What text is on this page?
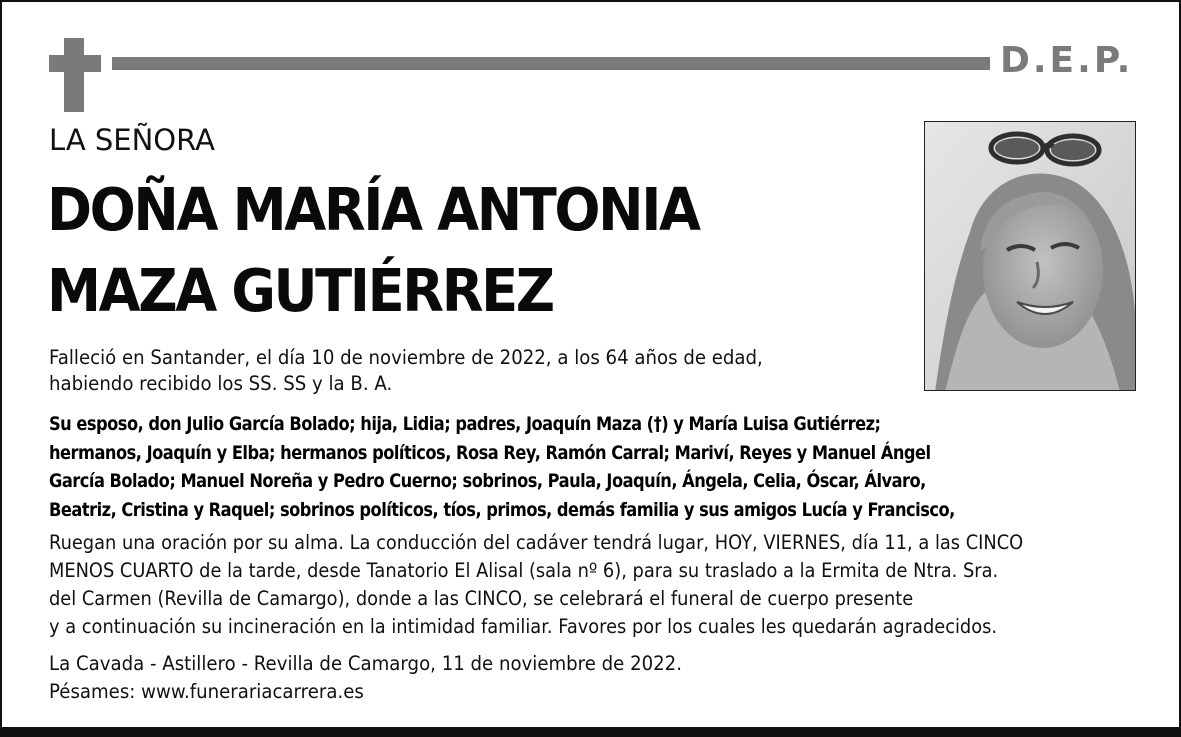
D.E.P.
LA SEÑORA
DOÑA MARÍA ANTONIA
MAZA GUTIÉRREZ

Falleció en Santander, el día 10 de noviembre de 2022, a los 64 años de edad,
habiendo recibido los SS. SS y la B. A.

Su esposo, don Julio García Bolado; hija, Lidia; padres, Joaquín Maza (†) y María Luisa Gutiérrez;
hermanos, Joaquín y Elba; hermanos políticos, Rosa Rey, Ramón Carral; Mariví, Reyes y Manuel Ángel
García Bolado; Manuel Noreña y Pedro Cuerno; sobrinos, Paula, Joaquín, Ángela, Celia, Óscar, Álvaro,
Beatriz, Cristina y Raquel; sobrinos políticos, tíos, primos, demás familia y sus amigos Lucía y Francisco,

Ruegan una oración por su alma. La conducción del cadáver tendrá lugar, HOY, VIERNES, día 11, a las CINCO
MENOS CUARTO de la tarde, desde Tanatorio El Alisal (sala nº 6), para su traslado a la Ermita de Ntra. Sra.
del Carmen (Revilla de Camargo), donde a las CINCO, se celebrará el funeral de cuerpo presente
y a continuación su incineración en la intimidad familiar. Favores por los cuales les quedarán agradecidos.

La Cavada - Astillero - Revilla de Camargo, 11 de noviembre de 2022.
Pésames: www.funerariacarrera.es
